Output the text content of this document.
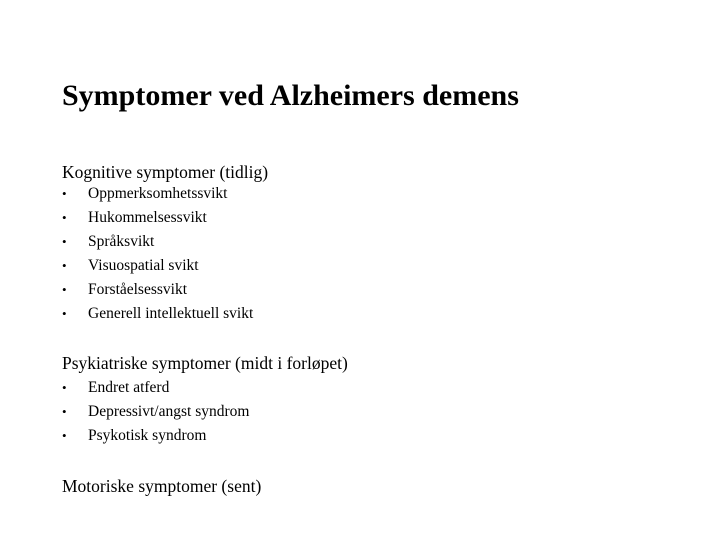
Symptomer ved Alzheimers demens
Kognitive symptomer (tidlig)
•	Oppmerksomhetssvikt
•	Hukommelsessvikt
•	Språksvikt
•	Visuospatial svikt
•	Forståelsessvikt
•	Generell intellektuell svikt
Psykiatriske symptomer (midt i forløpet)
•	Endret atferd
•	Depressivt/angst syndrom
•	Psykotisk syndrom
Motoriske symptomer (sent)
